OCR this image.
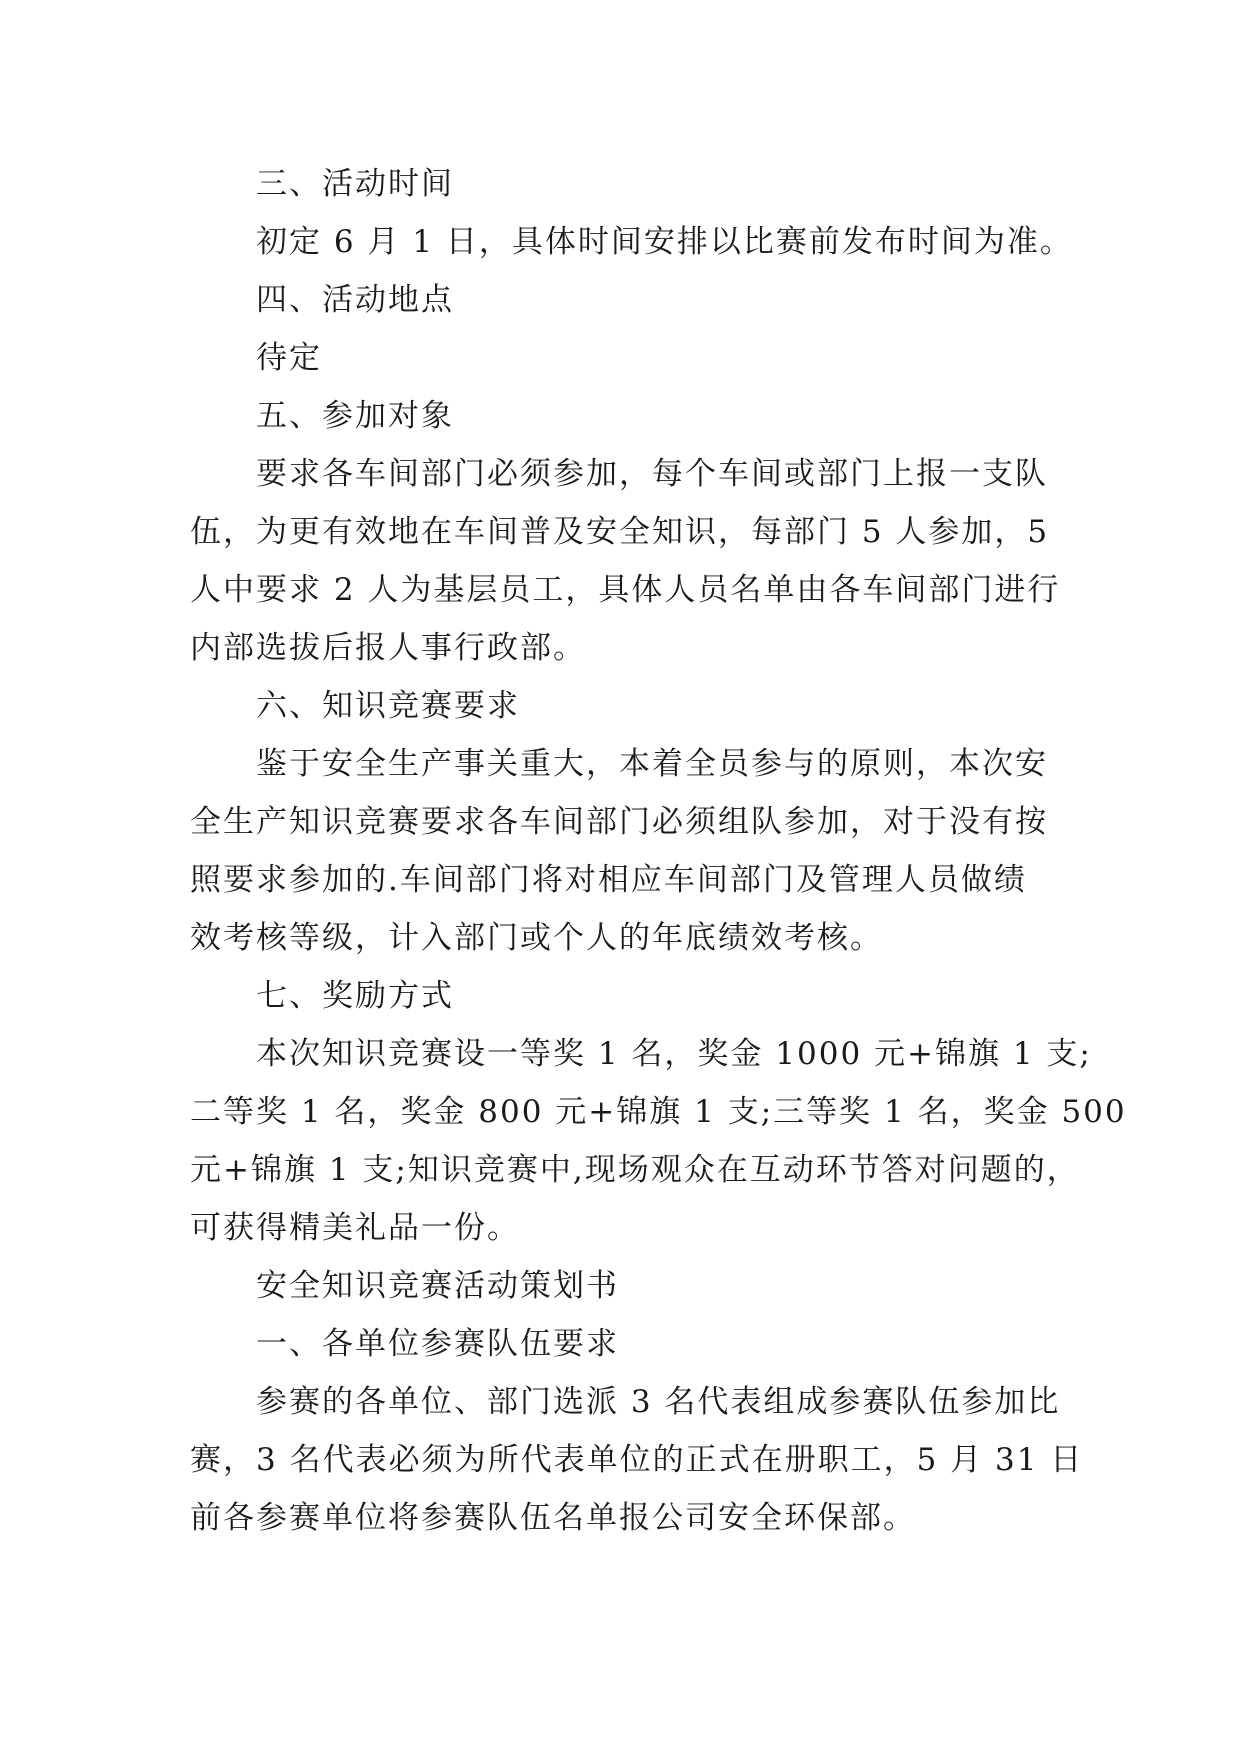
三、活动时间
初定 6 月 1 日，具体时间安排以比赛前发布时间为准。
四、活动地点
待定
五、参加对象
要求各车间部门必须参加，每个车间或部门上报一支队
伍，为更有效地在车间普及安全知识，每部门 5 人参加，5
人中要求 2 人为基层员工，具体人员名单由各车间部门进行
内部选拔后报人事行政部。
六、知识竞赛要求
鉴于安全生产事关重大，本着全员参与的原则，本次安
全生产知识竞赛要求各车间部门必须组队参加，对于没有按
照要求参加的.车间部门将对相应车间部门及管理人员做绩
效考核等级，计入部门或个人的年底绩效考核。
七、奖励方式
本次知识竞赛设一等奖 1 名，奖金 1000 元+锦旗 1 支;
二等奖 1 名，奖金 800 元+锦旗 1 支;三等奖 1 名，奖金 500
元+锦旗 1 支;知识竞赛中,现场观众在互动环节答对问题的，
可获得精美礼品一份。
安全知识竞赛活动策划书
一、各单位参赛队伍要求
参赛的各单位、部门选派 3 名代表组成参赛队伍参加比
赛，3 名代表必须为所代表单位的正式在册职工，5 月 31 日
前各参赛单位将参赛队伍名单报公司安全环保部。
